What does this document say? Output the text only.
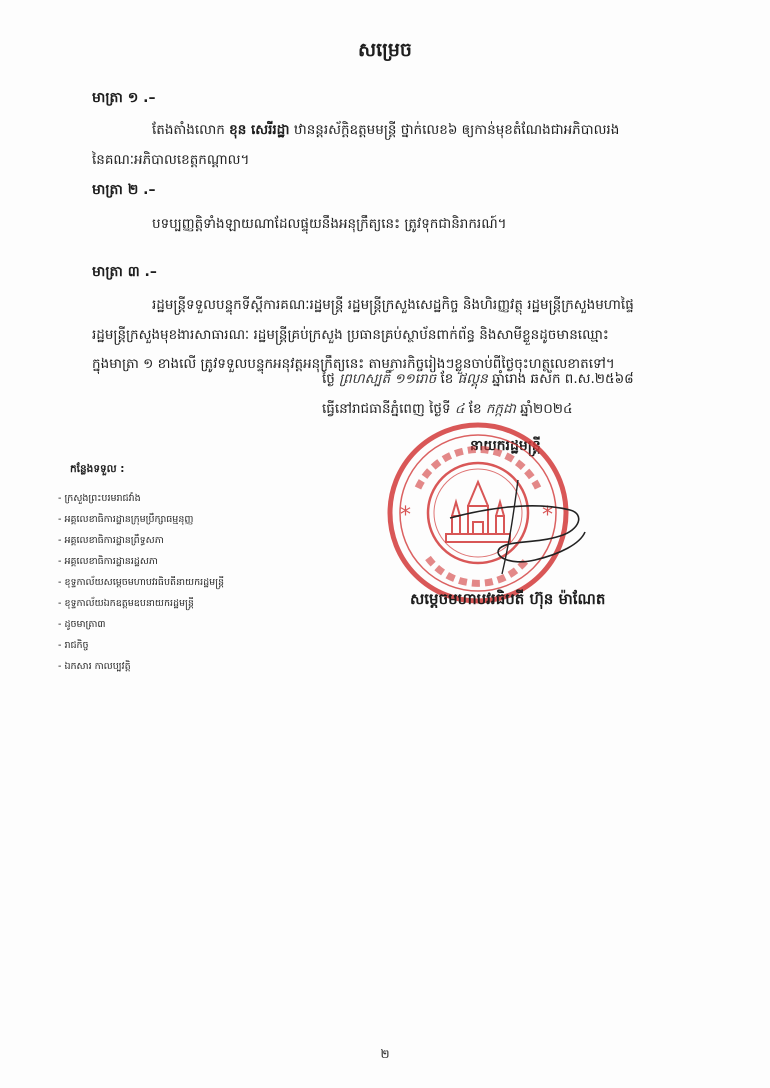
សម្រេច
មាត្រា ១ .–
តែងតាំងលោក ខុន សេរីរដ្ឋា ឋានន្តរស័ក្តិឧត្តមមន្ត្រី ថ្នាក់លេខ៦ ឲ្យកាន់មុខតំណែងជាអភិបាលរង
នៃគណៈអភិបាលខេត្តកណ្តាល។
មាត្រា ២ .–
បទប្បញ្ញត្តិទាំងឡាយណាដែលផ្ទុយនឹងអនុក្រឹត្យនេះ ត្រូវទុកជានិរាករណ៍។
មាត្រា ៣ .–
រដ្ឋមន្ត្រីទទួលបន្ទុកទីស្តីការគណៈរដ្ឋមន្ត្រី រដ្ឋមន្ត្រីក្រសួងសេដ្ឋកិច្ច និងហិរញ្ញវត្ថុ រដ្ឋមន្ត្រីក្រសួងមហាផ្ទៃ
រដ្ឋមន្ត្រីក្រសួងមុខងារសាធារណៈ រដ្ឋមន្ត្រីគ្រប់ក្រសួង ប្រធានគ្រប់ស្ថាប័នពាក់ព័ន្ធ និងសាមីខ្លួនដូចមានឈ្មោះ
ក្នុងមាត្រា ១ ខាងលើ ត្រូវទទួលបន្ទុកអនុវត្តអនុក្រឹត្យនេះ តាមភារកិច្ចរៀងៗខ្លួនចាប់ពីថ្ងៃចុះហត្ថលេខាតទៅ។
ថ្ងៃ ព្រហស្បតិ៍ ១១រោច ខែ ផល្គុន ឆ្នាំរោង ឆស័ក ព.ស.២៥៦៨
ធ្វើនៅរាជធានីភ្នំពេញ ថ្ងៃទី ៤ ខែ កក្កដា ឆ្នាំ២០២៤
នាយករដ្ឋមន្ត្រី
*	*
សម្តេចមហាបវរធិបតី ហ៊ុន ម៉ាណែត
កន្លែងទទួល :
- ក្រសួងព្រះបរមរាជវាំង
- អគ្គលេខាធិការដ្ឋានក្រុមប្រឹក្សាធម្មនុញ្ញ
- អគ្គលេខាធិការដ្ឋានព្រឹទ្ធសភា
- អគ្គលេខាធិការដ្ឋានរដ្ឋសភា
- ខុទ្ទកាល័យសម្តេចមហាបវរធិបតីនាយករដ្ឋមន្ត្រី
- ខុទ្ទកាល័យឯកឧត្តមឧបនាយករដ្ឋមន្ត្រី
- ដូចមាត្រា៣
- រាជកិច្ច
- ឯកសារ កាលប្បវត្តិ
២
